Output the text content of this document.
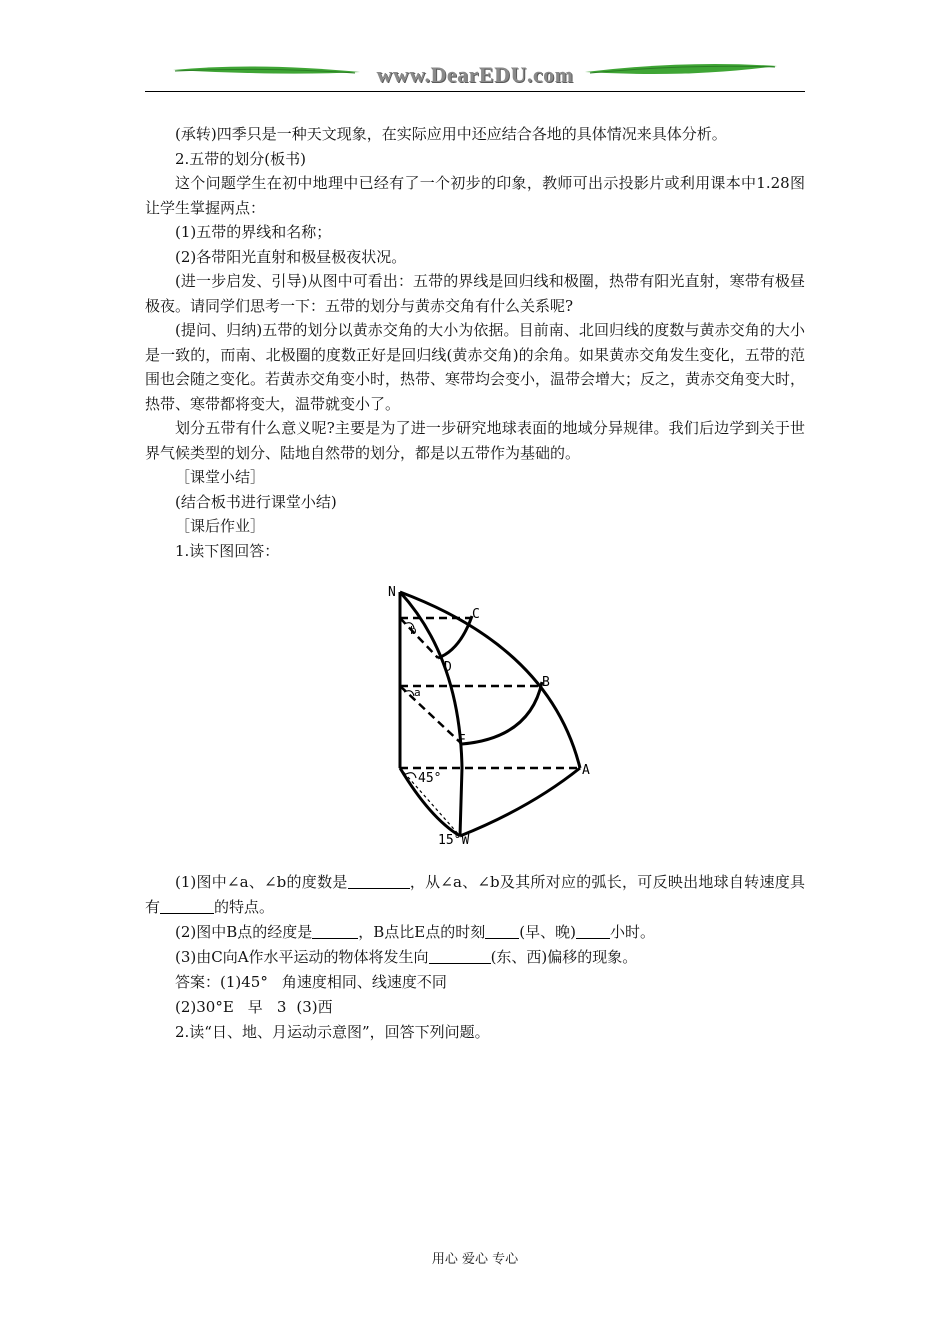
www.DearEDU.com

(承转)四季只是一种天文现象，在实际应用中还应结合各地的具体情况来具体分析。

2.五带的划分(板书)

这个问题学生在初中地理中已经有了一个初步的印象，教师可出示投影片或利用课本中1.28图让学生掌握两点：

(1)五带的界线和名称；

(2)各带阳光直射和极昼极夜状况。

(进一步启发、引导)从图中可看出：五带的界线是回归线和极圈，热带有阳光直射，寒带有极昼极夜。请同学们思考一下：五带的划分与黄赤交角有什么关系呢?

(提问、归纳)五带的划分以黄赤交角的大小为依据。目前南、北回归线的度数与黄赤交角的大小是一致的，而南、北极圈的度数正好是回归线(黄赤交角)的余角。如果黄赤交角发生变化，五带的范围也会随之变化。若黄赤交角变小时，热带、寒带均会变小，温带会增大；反之，黄赤交角变大时，热带、寒带都将变大，温带就变小了。

划分五带有什么意义呢?主要是为了进一步研究地球表面的地域分异规律。我们后边学到关于世界气候类型的划分、陆地自然带的划分，都是以五带作为基础的。

［课堂小结］

(结合板书进行课堂小结)

［课后作业］

1.读下图回答：

N
C
b
D
B
a
E
A
45°
15°W

(1)图中∠a、∠b的度数是	，从∠a、∠b及其所对应的弧长，可反映出地球自转速度具有	的特点。

(2)图中B点的经度是	，B点比E点的时刻 (早、晚) 小时。

(3)由C向A作水平运动的物体将发生向	(东、西)偏移的现象。

答案：(1)45° 角速度相同、线速度不同

(2)30°E 早 3 (3)西

2.读“日、地、月运动示意图”，回答下列问题。

用心 爱心 专心
